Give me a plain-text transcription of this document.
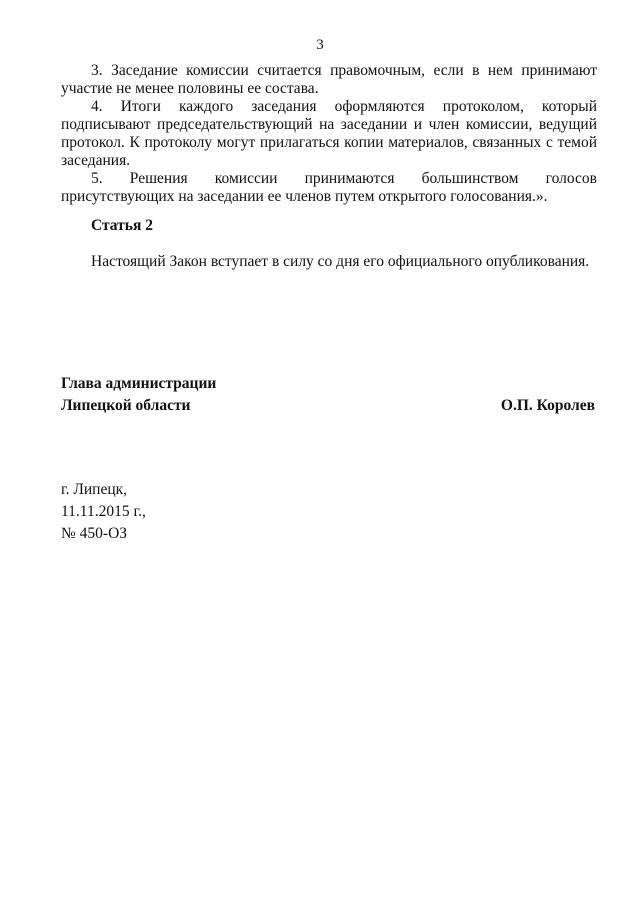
3

3. Заседание комиссии считается правомочным, если в нем принимают участие не менее половины ее состава.

4. Итоги каждого заседания оформляются протоколом, который подписывают председательствующий на заседании и член комиссии, ведущий протокол. К протоколу могут прилагаться копии материалов, связанных с темой заседания.

5. Решения комиссии принимаются большинством голосов присутствующих на заседании ее членов путем открытого голосования.».

Статья 2
Настоящий Закон вступает в силу со дня его официального опубликования.
Глава администрации
Липецкой области	О.П. Королев
г. Липецк,
11.11.2015 г.,
№ 450-ОЗ
